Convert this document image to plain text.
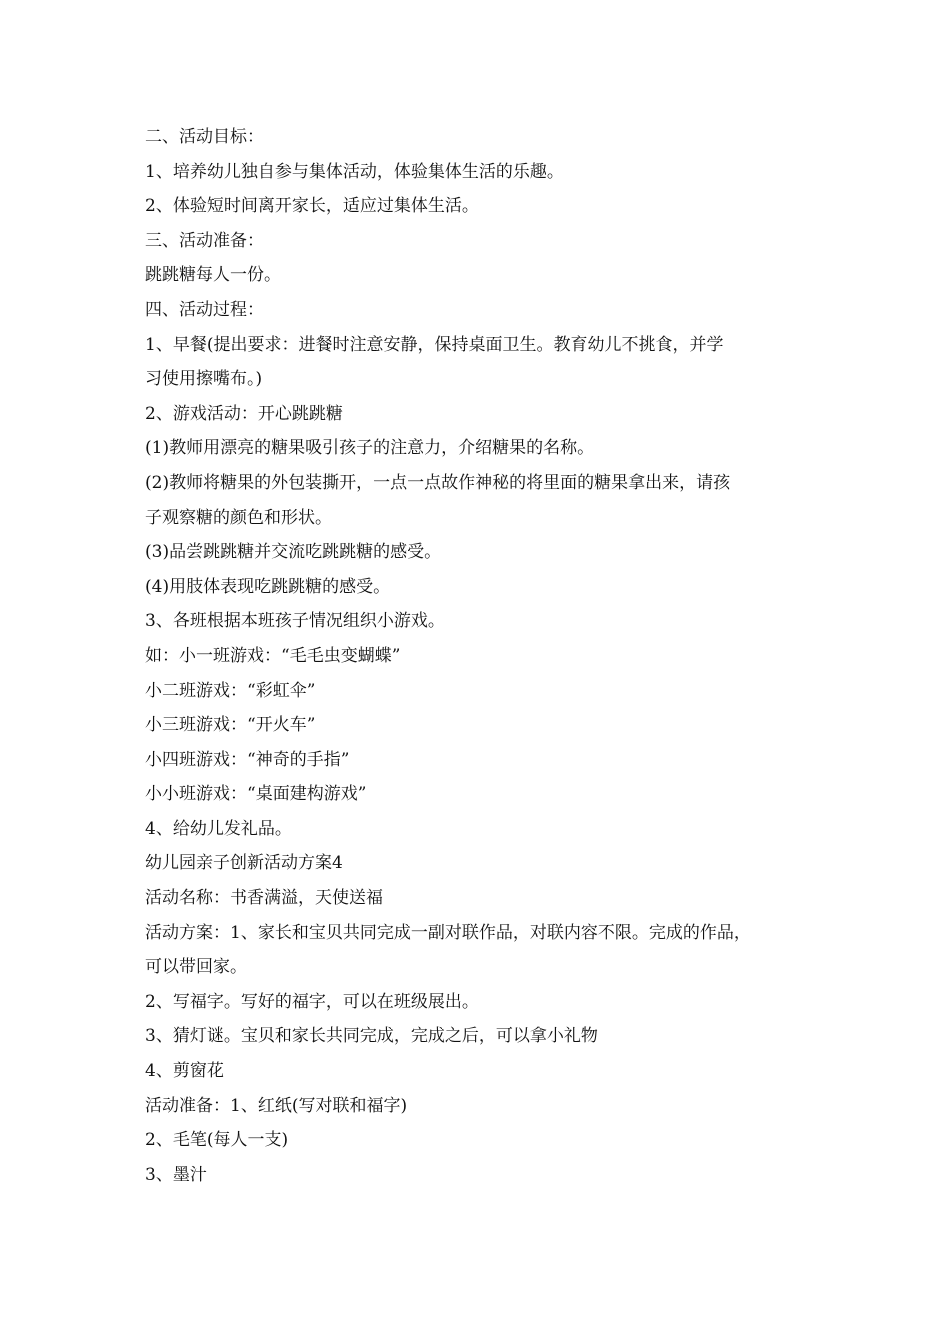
二、活动目标：
1、培养幼儿独自参与集体活动，体验集体生活的乐趣。
2、体验短时间离开家长，适应过集体生活。
三、活动准备：
跳跳糖每人一份。
四、活动过程：
1、早餐(提出要求：进餐时注意安静，保持桌面卫生。教育幼儿不挑食，并学
习使用擦嘴布。)
2、游戏活动：开心跳跳糖
(1)教师用漂亮的糖果吸引孩子的注意力，介绍糖果的名称。
(2)教师将糖果的外包装撕开，一点一点故作神秘的将里面的糖果拿出来，请孩
子观察糖的颜色和形状。
(3)品尝跳跳糖并交流吃跳跳糖的感受。
(4)用肢体表现吃跳跳糖的感受。
3、各班根据本班孩子情况组织小游戏。
如：小一班游戏：“毛毛虫变蝴蝶”
小二班游戏：“彩虹伞”
小三班游戏：“开火车”
小四班游戏：“神奇的手指”
小小班游戏：“桌面建构游戏”
4、给幼儿发礼品。
幼儿园亲子创新活动方案4
活动名称：书香满溢，天使送福
活动方案：1、家长和宝贝共同完成一副对联作品，对联内容不限。完成的作品，
可以带回家。
2、写福字。写好的福字，可以在班级展出。
3、猜灯谜。宝贝和家长共同完成，完成之后，可以拿小礼物
4、剪窗花
活动准备：1、红纸(写对联和福字)
2、毛笔(每人一支)
3、墨汁
